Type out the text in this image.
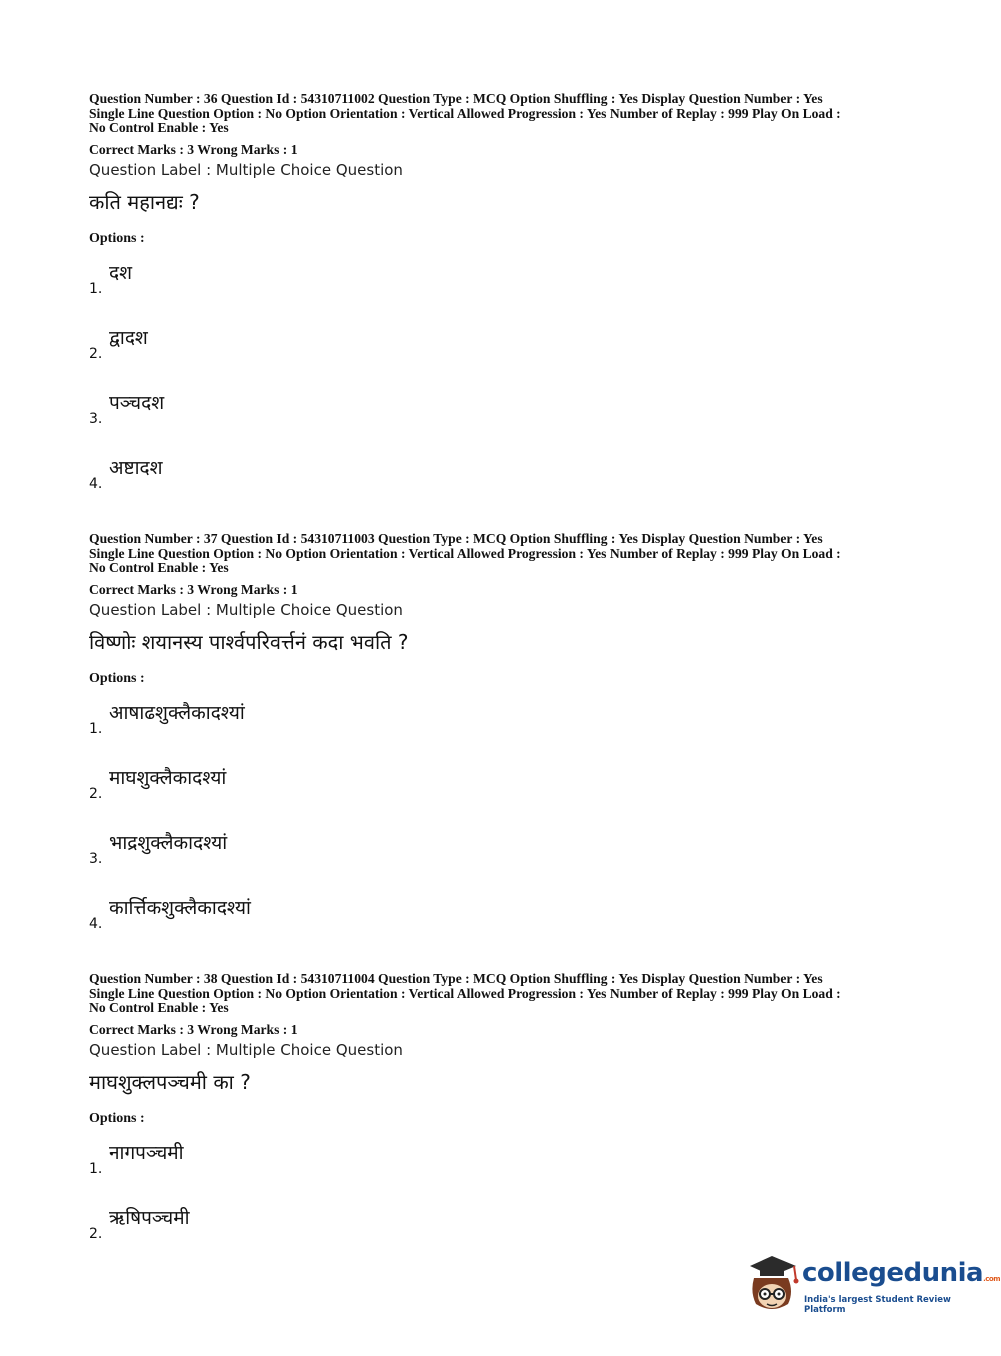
Question Number : 36 Question Id : 54310711002 Question Type : MCQ Option Shuffling : Yes Display Question Number : Yes

Single Line Question Option : No Option Orientation : Vertical Allowed Progression : Yes Number of Replay : 999 Play On Load :

No Control Enable : Yes

Correct Marks : 3 Wrong Marks : 1
Question Label : Multiple Choice Question
कति महानद्यः ?
Options :
1.
दश
2.
द्वादश
3.
पञ्चदश
4.
अष्टादश

Question Number : 37 Question Id : 54310711003 Question Type : MCQ Option Shuffling : Yes Display Question Number : Yes

Single Line Question Option : No Option Orientation : Vertical Allowed Progression : Yes Number of Replay : 999 Play On Load :

No Control Enable : Yes

Correct Marks : 3 Wrong Marks : 1
Question Label : Multiple Choice Question
विष्णोः शयानस्य पार्श्वपरिवर्त्तनं कदा भवति ?
Options :
1.
आषाढशुक्लैकादश्यां
2.
माघशुक्लैकादश्यां
3.
भाद्रशुक्लैकादश्यां
4.
कार्त्तिकशुक्लैकादश्यां

Question Number : 38 Question Id : 54310711004 Question Type : MCQ Option Shuffling : Yes Display Question Number : Yes

Single Line Question Option : No Option Orientation : Vertical Allowed Progression : Yes Number of Replay : 999 Play On Load :

No Control Enable : Yes

Correct Marks : 3 Wrong Marks : 1
Question Label : Multiple Choice Question
माघशुक्लपञ्चमी का ?
Options :
1.
नागपञ्चमी
2.
ऋषिपञ्चमी
collegedunia.com
India's largest Student Review Platform
